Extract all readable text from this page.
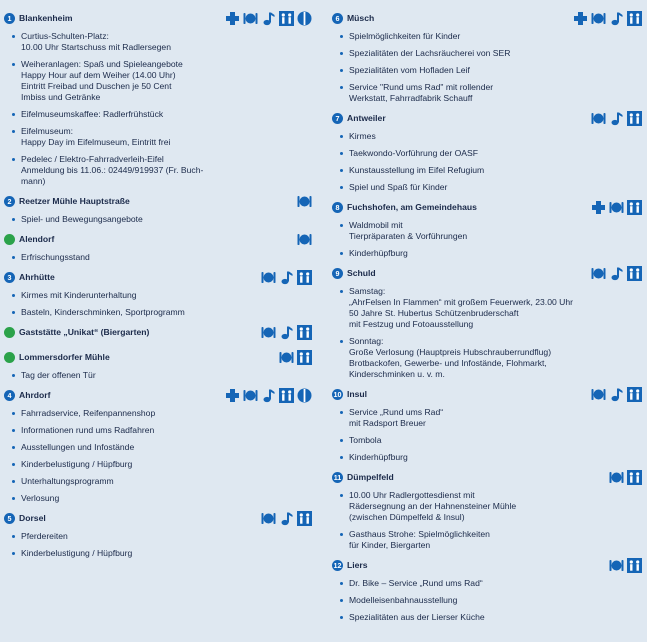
1 Blankenheim
Curtius-Schulten-Platz:
10.00 Uhr Startschuss mit Radlersegen
Weiheranlagen: Spaß und Spieleangebote
Happy Hour auf dem Weiher (14.00 Uhr)
Eintritt Freibad und Duschen je 50 Cent
Imbiss und Getränke
Eifelmuseumskaffee: Radlerfrühstück
Eifelmuseum:
Happy Day im Eifelmuseum, Eintritt frei
Pedelec / Elektro-Fahrradverleih-Eifel
Anmeldung bis 11.06.: 02449/919937 (Fr. Buch-
mann)
2 Reetzer Mühle Hauptstraße
Spiel- und Bewegungsangebote
Alendorf
Erfrischungsstand
3 Ahrhütte
Kirmes mit Kinderunterhaltung
Basteln, Kinderschminken, Sportprogramm
Gaststätte „Unikat“ (Biergarten)
Lommersdorfer Mühle
Tag der offenen Tür
4 Ahrdorf
Fahrradservice, Reifenpannenshop
Informationen rund ums Radfahren
Ausstellungen und Infostände
Kinderbelustigung / Hüpfburg
Unterhaltungsprogramm
Verlosung
5 Dorsel
Pferdereiten
Kinderbelustigung / Hüpfburg
6 Müsch
Spielmöglichkeiten für Kinder
Spezialitäten der Lachsräucherei von SER
Spezialitäten vom Hofladen Leif
Service "Rund ums Rad" mit rollender
Werkstatt, Fahrradfabrik Schauff
7 Antweiler
Kirmes
Taekwondo-Vorführung der OASF
Kunstausstellung im Eifel Refugium
Spiel und Spaß für Kinder
8 Fuchshofen, am Gemeindehaus
Waldmobil mit
Tierpräparaten & Vorführungen
Kinderhüpfburg
9 Schuld
Samstag:
„AhrFelsen In Flammen“ mit großem Feuerwerk, 23.00 Uhr
50 Jahre St. Hubertus Schützenbruderschaft
mit Festzug und Fotoausstellung
Sonntag:
Große Verlosung (Hauptpreis Hubschrauberrundflug)
Brotbackofen, Gewerbe- und Infostände, Flohmarkt,
Kinderschminken u. v. m.
10 Insul
Service „Rund ums Rad“
mit Radsport Breuer
Tombola
Kinderhüpfburg
11 Dümpelfeld
10.00 Uhr Radlergottesdienst mit
Rädersegnung an der Hahnensteiner Mühle
(zwischen Dümpelfeld & Insul)
Gasthaus Strohe: Spielmöglichkeiten
für Kinder, Biergarten
12 Liers
Dr. Bike – Service „Rund ums Rad“
Modelleisenbahnausstellung
Spezialitäten aus der Lierser Küche
